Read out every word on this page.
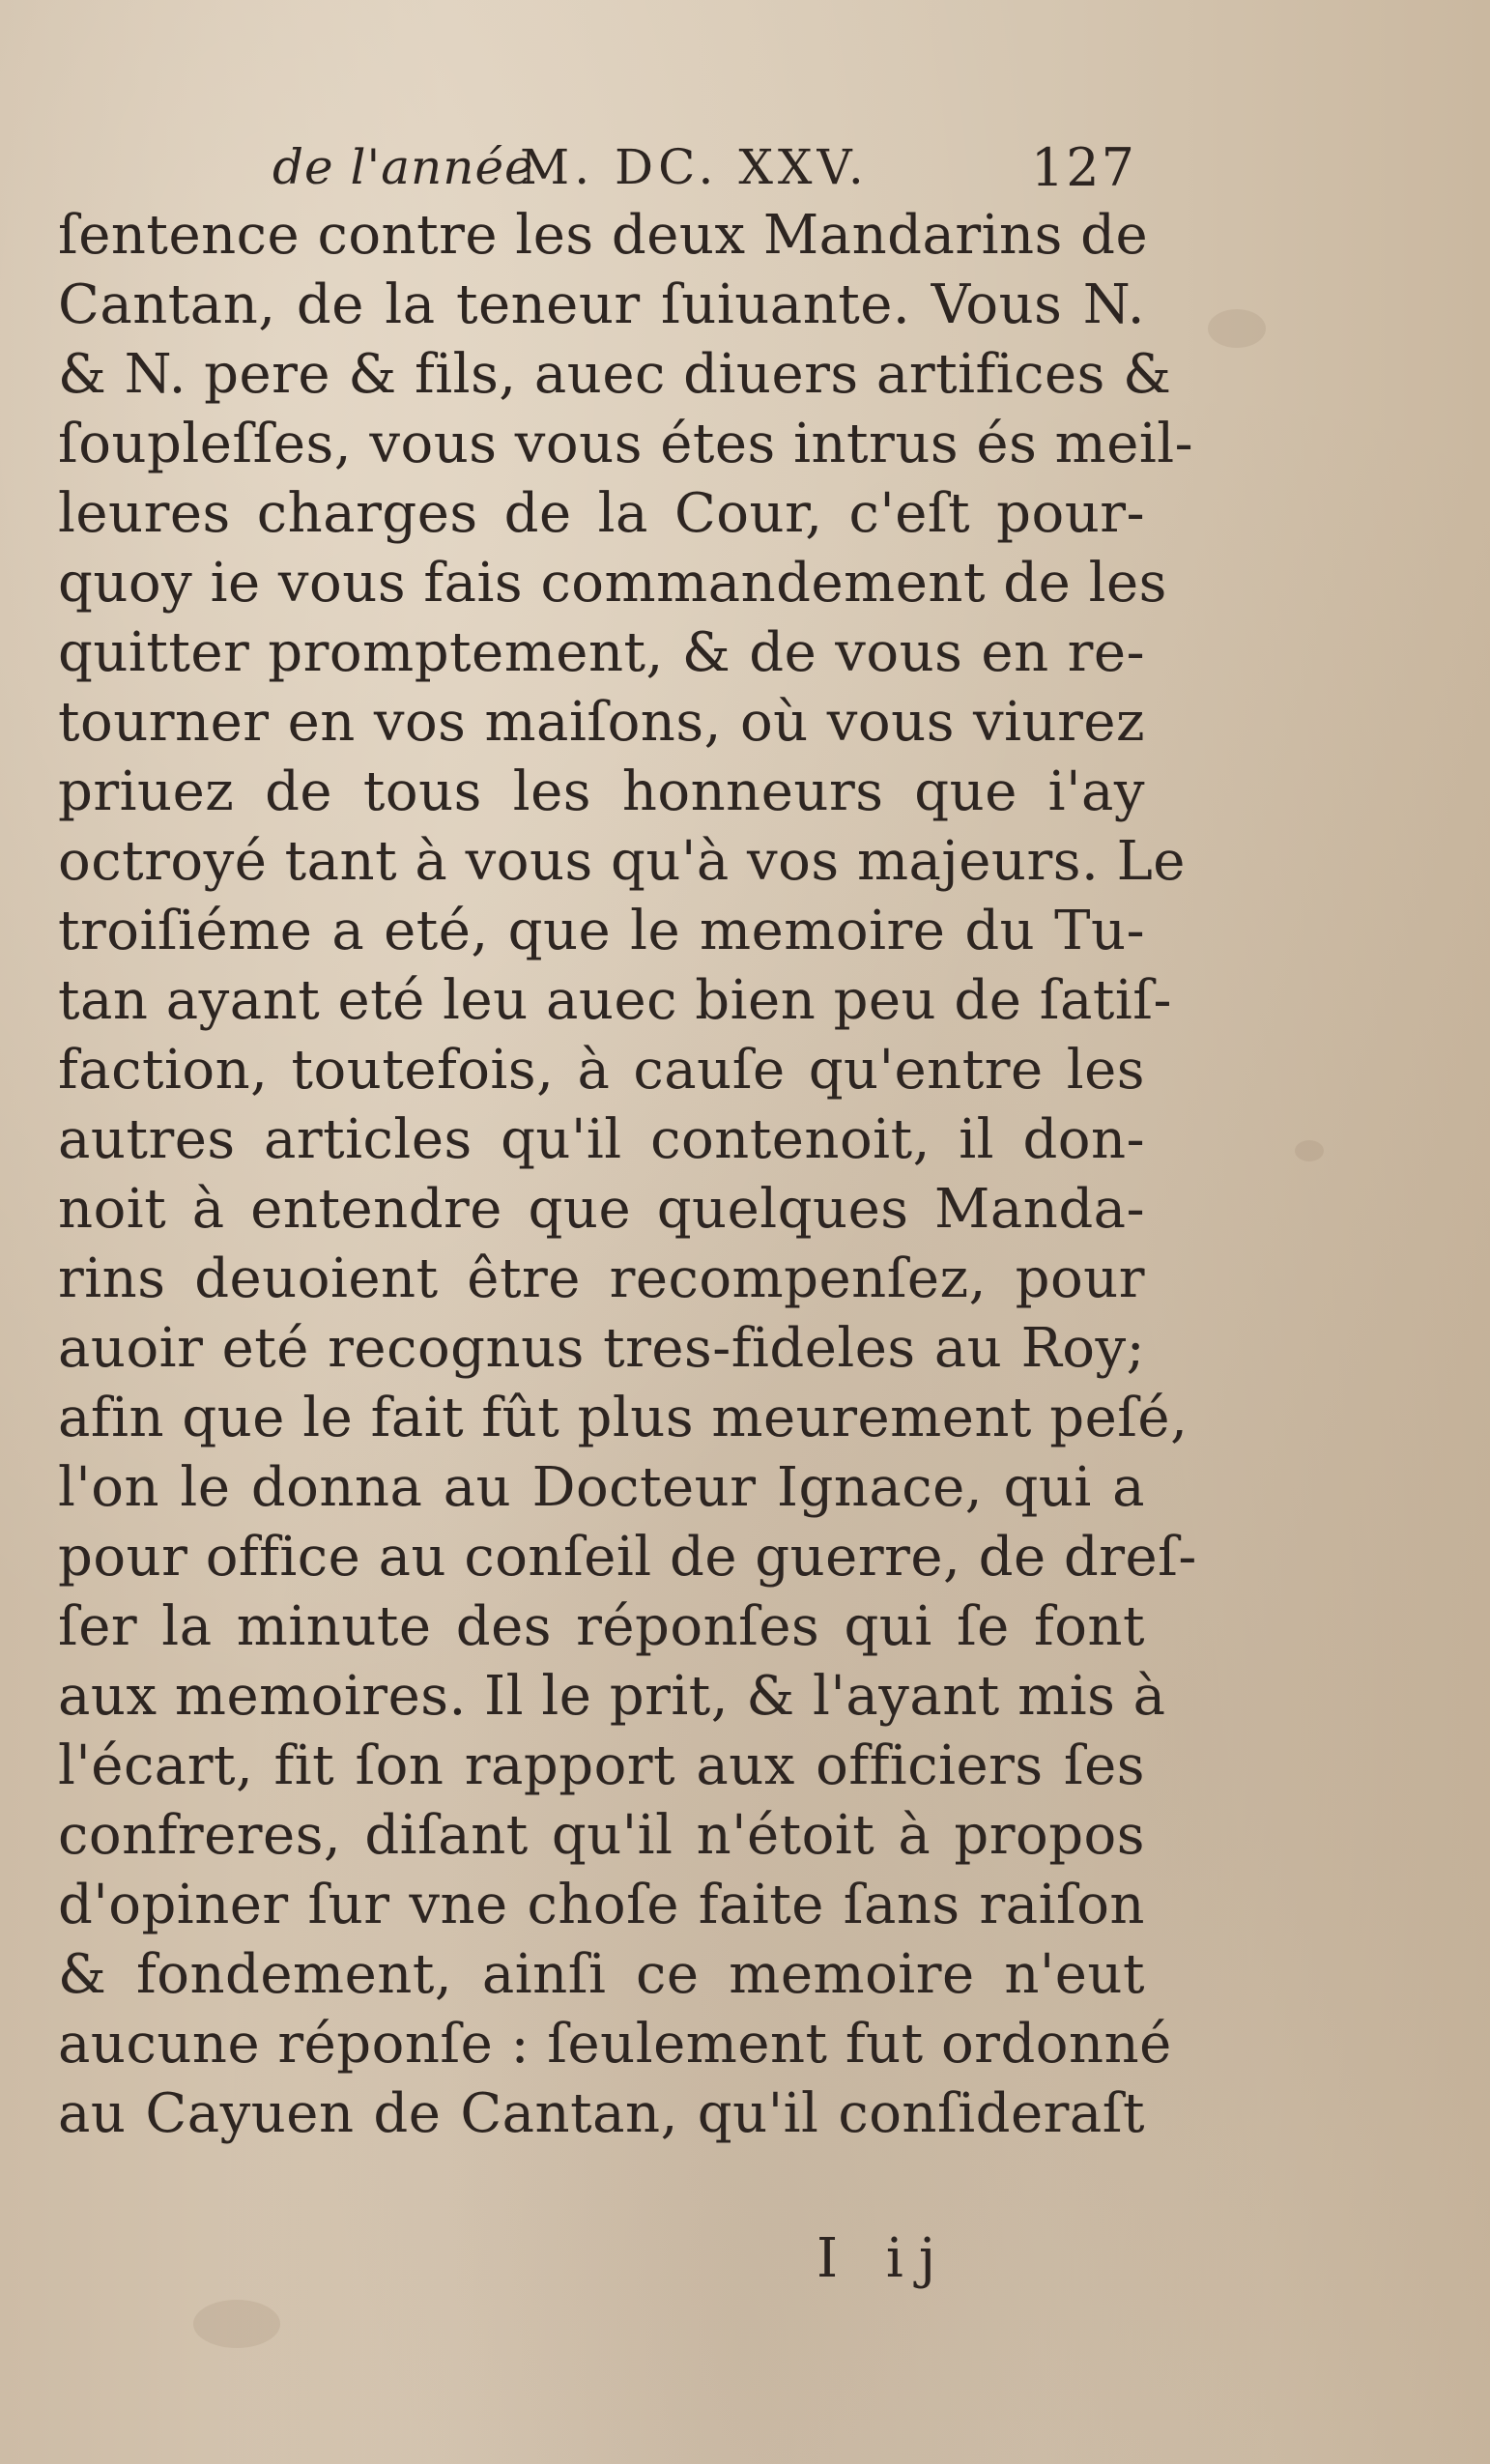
de l'année
M. DC. XXV.	127
ſentence contre les deux Mandarins de
Cantan, de la teneur ſuiuante. Vous N.
& N. pere & fils, auec diuers artifices &
ſoupleſſes, vous vous étes intrus és meil-
leures charges de la Cour, c'eſt pour-
quoy ie vous fais commandement de les
quitter promptement, & de vous en re-
tourner en vos maiſons, où vous viurez
priuez de tous les honneurs que i'ay
octroyé tant à vous qu'à vos majeurs. Le
troiſiéme a eté, que le memoire du Tu-
tan ayant eté leu auec bien peu de ſatiſ-
faction, toutefois, à cauſe qu'entre les
autres articles qu'il contenoit, il don-
noit à entendre que quelques Manda-
rins deuoient être recompenſez, pour
auoir eté recognus tres-fideles au Roy;
afin que le fait fût plus meurement peſé,
l'on le donna au Docteur Ignace, qui a
pour office au conſeil de guerre, de dreſ-
ſer la minute des réponſes qui ſe font
aux memoires. Il le prit, & l'ayant mis à
l'écart, fit ſon rapport aux officiers ſes
confreres, diſant qu'il n'étoit à propos
d'opiner ſur vne choſe faite ſans raiſon
& fondement, ainſi ce memoire n'eut
aucune réponſe : ſeulement fut ordonné
au Cayuen de Cantan, qu'il conſideraſt
I ij
